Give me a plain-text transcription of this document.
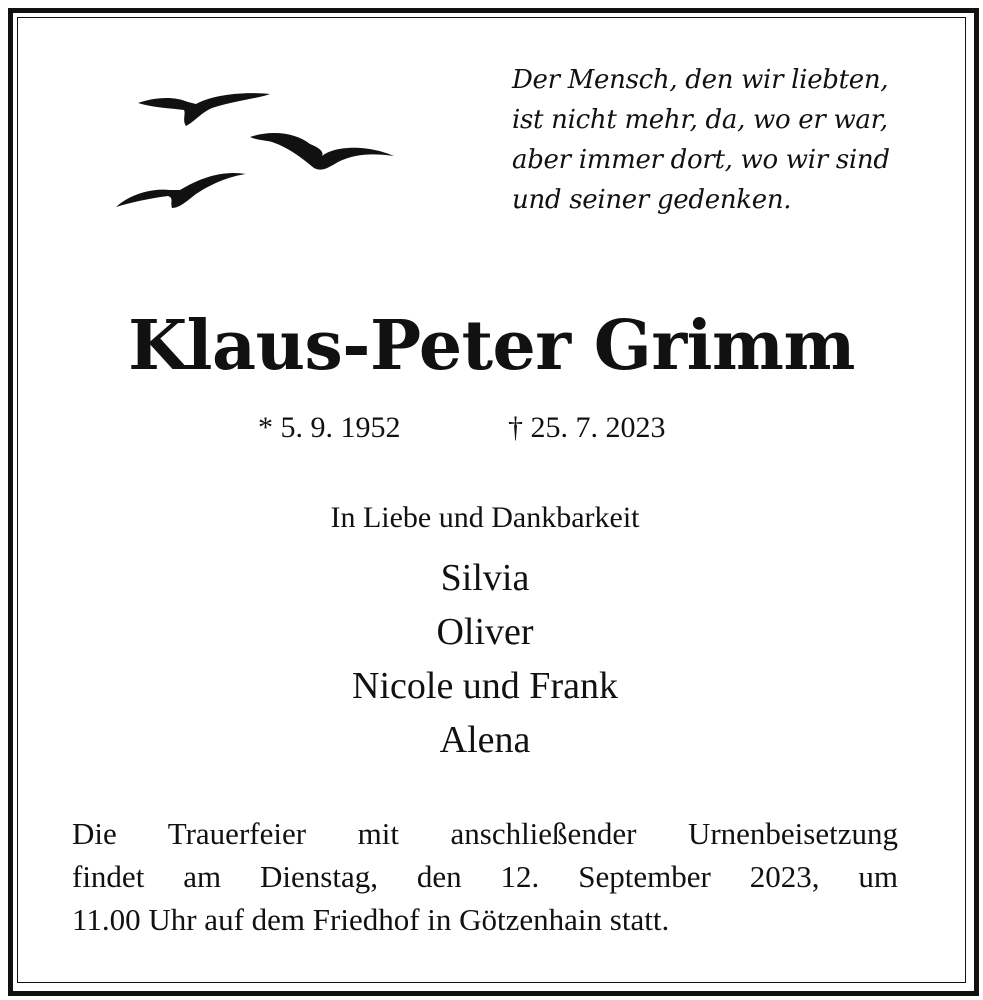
Der Mensch, den wir liebten,
ist nicht mehr, da, wo er war,
aber immer dort, wo wir sind
und seiner gedenken.
Klaus-Peter Grimm
* 5. 9. 1952	† 25. 7. 2023
In Liebe und Dankbarkeit
Silvia
Oliver
Nicole und Frank
Alena
Die Trauerfeier mit anschließender Urnenbeisetzung
findet am Dienstag, den 12. September 2023, um
11.00 Uhr auf dem Friedhof in Götzenhain statt.
